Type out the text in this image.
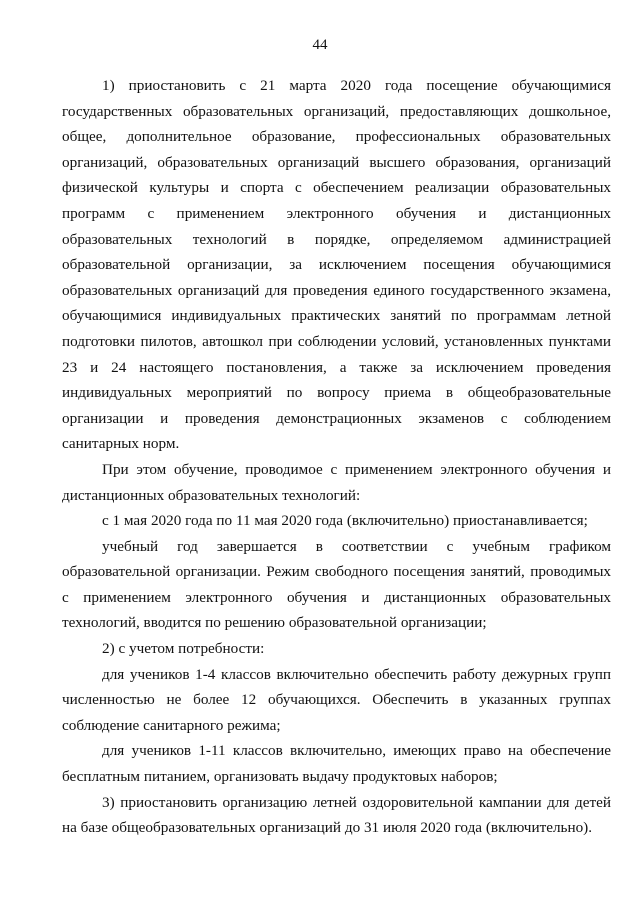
44

1) приостановить с 21 марта 2020 года посещение обучающимися государственных образовательных организаций, предоставляющих дошкольное, общее, дополнительное образование, профессиональных образовательных организаций, образовательных организаций высшего образования, организаций физической культуры и спорта с обеспечением реализации образовательных программ с применением электронного обучения и дистанционных образовательных технологий в порядке, определяемом администрацией образовательной организации, за исключением посещения обучающимися образовательных организаций для проведения единого государственного экзамена, обучающимися индивидуальных практических занятий по программам летной подготовки пилотов, автошкол при соблюдении условий, установленных пунктами 23 и 24 настоящего постановления, а также за исключением проведения индивидуальных мероприятий по вопросу приема в общеобразовательные организации и проведения демонстрационных экзаменов с соблюдением санитарных норм.

При этом обучение, проводимое с применением электронного обучения и дистанционных образовательных технологий:

с 1 мая 2020 года по 11 мая 2020 года (включительно) приостанавливается;

учебный год завершается в соответствии с учебным графиком образовательной организации. Режим свободного посещения занятий, проводимых с применением электронного обучения и дистанционных образовательных технологий, вводится по решению образовательной организации;

2) с учетом потребности:

для учеников 1-4 классов включительно обеспечить работу дежурных групп численностью не более 12 обучающихся. Обеспечить в указанных группах соблюдение санитарного режима;

для учеников 1-11 классов включительно, имеющих право на обеспечение бесплатным питанием, организовать выдачу продуктовых наборов;

3) приостановить организацию летней оздоровительной кампании для детей на базе общеобразовательных организаций до 31 июля 2020 года (включительно).
